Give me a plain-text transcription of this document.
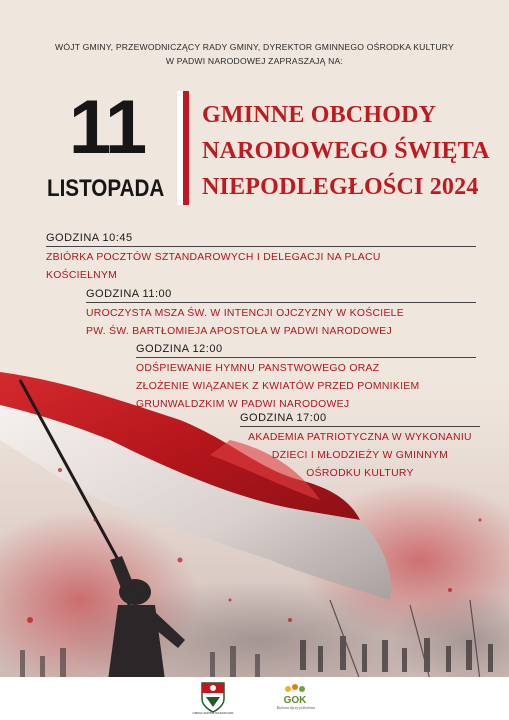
WÓJT GMINY, PRZEWODNICZĄCY RADY GMINY, DYREKTOR GMINNEGO OŚRODKA KULTURY
W PADWI NARODOWEJ ZAPRASZAJĄ NA:
11
LISTOPADA
GMINNE OBCHODY
NARODOWEGO ŚWIĘTA
NIEPODLEGŁOŚCI 2024
GODZINA 10:45
ZBIÓRKA POCZTÓW SZTANDAROWYCH I DELEGACJI NA PLACU
KOŚCIELNYM
GODZINA 11:00
UROCZYSTA MSZA ŚW. W INTENCJI OJCZYZNY W KOŚCIELE
PW. ŚW. BARTŁOMIEJA APOSTOŁA W PADWI NARODOWEJ
GODZINA 12:00
ODŚPIEWANIE HYMNU PANSTWOWEGO ORAZ
ZŁOŻENIE WIĄZANEK Z KWIATÓW PRZED POMNIKIEM
GRUNWALDZKIM W PADWI NARODOWEJ
GODZINA 17:00
AKADEMIA PATRIOTYCZNA W WYKONANIU
DZIECI I MŁODZIEŻY W GMINNYM
OŚRODKU KULTURY
GMINA PADEW NARODOWA
GOK
Kultura łączy pokolenia
